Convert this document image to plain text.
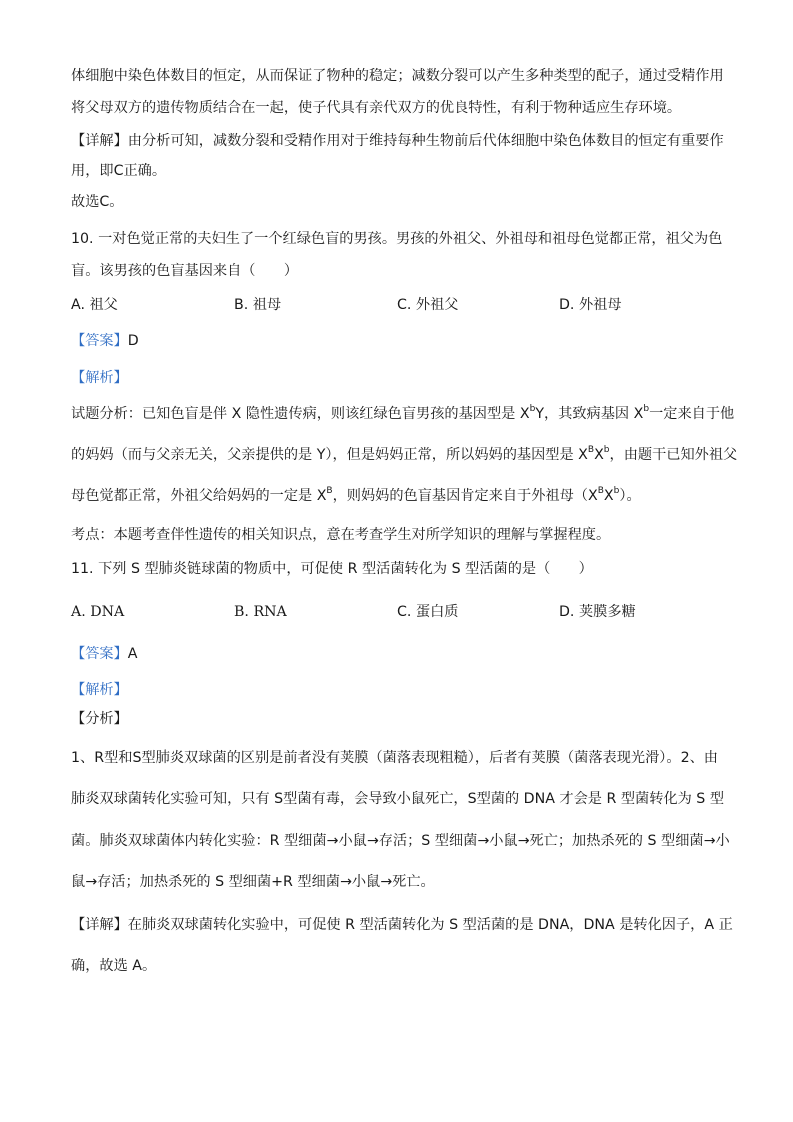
体细胞中染色体数目的恒定，从而保证了物种的稳定；减数分裂可以产生多种类型的配子，通过受精作用
将父母双方的遗传物质结合在一起，使子代具有亲代双方的优良特性，有利于物种适应生存环境。
【详解】由分析可知，减数分裂和受精作用对于维持每种生物前后代体细胞中染色体数目的恒定有重要作
用，即C正确。
故选C。
10. 一对色觉正常的夫妇生了一个红绿色盲的男孩。男孩的外祖父、外祖母和祖母色觉都正常，祖父为色
盲。该男孩的色盲基因来自（　　）
A. 祖父	B. 祖母	C. 外祖父	D. 外祖母
【答案】D
【解析】
试题分析：已知色盲是伴 X 隐性遗传病，则该红绿色盲男孩的基因型是 $X^bY$，其致病基因 $X^b$一定来自于他
的妈妈（而与父亲无关，父亲提供的是 Y），但是妈妈正常，所以妈妈的基因型是 $X^BX^b$，由题干已知外祖父
母色觉都正常，外祖父给妈妈的一定是 $X^B$，则妈妈的色盲基因肯定来自于外祖母$(X^BX^b)$。
考点：本题考查伴性遗传的相关知识点，意在考查学生对所学知识的理解与掌握程度。
11. 下列 S 型肺炎链球菌的物质中，可促使 R 型活菌转化为 S 型活菌的是（　　）
A. DNA	B. RNA	C. 蛋白质	D. 荚膜多糖
【答案】A
【解析】
【分析】
1、R型和S型肺炎双球菌的区别是前者没有荚膜（菌落表现粗糙），后者有荚膜（菌落表现光滑）。2、由
肺炎双球菌转化实验可知，只有 S型菌有毒，会导致小鼠死亡，S型菌的 DNA 才会是 R 型菌转化为 S 型
菌。肺炎双球菌体内转化实验：R 型细菌→小鼠→存活；S 型细菌→小鼠→死亡；加热杀死的 S 型细菌→小
鼠→存活；加热杀死的 S 型细菌+R 型细菌→小鼠→死亡。
【详解】在肺炎双球菌转化实验中，可促使 R 型活菌转化为 S 型活菌的是 DNA，DNA 是转化因子，A 正
确，故选 A。
